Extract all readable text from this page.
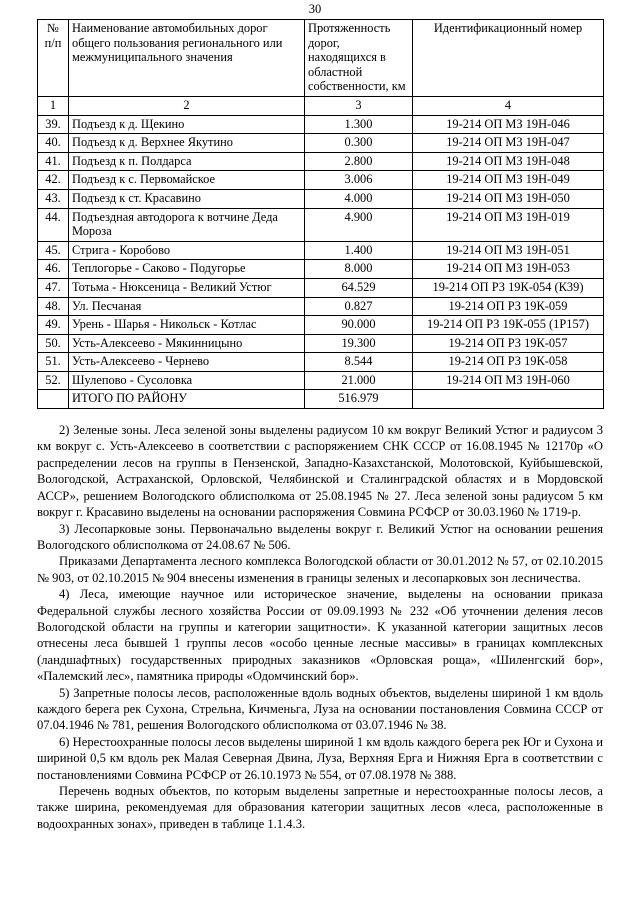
30
№
п/п	Наименование автомобильных дорог общего пользования регионального или межмуниципального значения	Протяженность дорог, находящихся в областной собственности, км	Идентификационный номер
1	2	3	4
39.	Подъезд к д. Щекино	1.300	19-214 ОП МЗ 19Н-046
40.	Подъезд к д. Верхнее Якутино	0.300	19-214 ОП МЗ 19Н-047
41.	Подъезд к п. Полдарса	2.800	19-214 ОП МЗ 19Н-048
42.	Подъезд к с. Первомайское	3.006	19-214 ОП МЗ 19Н-049
43.	Подъезд к ст. Красавино	4.000	19-214 ОП МЗ 19Н-050
44.	Подъездная автодорога к вотчине Деда Мороза	4.900	19-214 ОП МЗ 19Н-019
45.	Стрига - Коробово	1.400	19-214 ОП МЗ 19Н-051
46.	Теплогорье - Саково - Подугорье	8.000	19-214 ОП МЗ 19Н-053
47.	Тотьма - Нюксеница - Великий Устюг	64.529	19-214 ОП РЗ 19К-054 (К39)
48.	Ул. Песчаная	0.827	19-214 ОП РЗ 19К-059
49.	Урень - Шарья - Никольск - Котлас	90.000	19-214 ОП РЗ 19К-055 (1Р157)
50.	Усть-Алексеево - Мякинницыно	19.300	19-214 ОП РЗ 19К-057
51.	Усть-Алексеево - Чернево	8.544	19-214 ОП РЗ 19К-058
52.	Шулепово - Сусоловка	21.000	19-214 ОП МЗ 19Н-060
	ИТОГО ПО РАЙОНУ	516.979	

2) Зеленые зоны. Леса зеленой зоны выделены радиусом 10 км вокруг Великий Устюг и радиусом 3 км вокруг с. Усть-Алексеево в соответствии с распоряжением СНК СССР от 16.08.1945 № 12170р «О распределении лесов на группы в Пензенской, Западно-Казахстанской, Молотовской, Куйбышевской, Вологодской, Астраханской, Орловской, Челябинской и Сталинградской областях и в Мордовской АССР», решением Вологодского облисполкома от 25.08.1945 № 27. Леса зеленой зоны радиусом 5 км вокруг г. Красавино выделены на основании распоряжения Совмина РСФСР от 30.03.1960 № 1719-р.

3) Лесопарковые зоны. Первоначально выделены вокруг г. Великий Устюг на основании решения Вологодского облисполкома от 24.08.67 № 506.

Приказами Департамента лесного комплекса Вологодской области от 30.01.2012 № 57, от 02.10.2015 № 903, от 02.10.2015 № 904 внесены изменения в границы зеленых и лесопарковых зон лесничества.

4) Леса, имеющие научное или историческое значение, выделены на основании приказа Федеральной службы лесного хозяйства России от 09.09.1993 № 232 «Об уточнении деления лесов Вологодской области на группы и категории защитности». К указанной категории защитных лесов отнесены леса бывшей 1 группы лесов «особо ценные лесные массивы» в границах комплексных (ландшафтных) государственных природных заказников «Орловская роща», «Шиленгский бор», «Палемский лес», памятника природы «Одомчинский бор».

5) Запретные полосы лесов, расположенные вдоль водных объектов, выделены шириной 1 км вдоль каждого берега рек Сухона, Стрельна, Кичменьга, Луза на основании постановления Совмина СССР от 07.04.1946 № 781, решения Вологодского облисполкома от 03.07.1946 № 38.

6) Нерестоохранные полосы лесов выделены шириной 1 км вдоль каждого берега рек Юг и Сухона и шириной 0,5 км вдоль рек Малая Северная Двина, Луза, Верхняя Ерга и Нижняя Ерга в соответствии с постановлениями Совмина РСФСР от 26.10.1973 № 554, от 07.08.1978 № 388.

Перечень водных объектов, по которым выделены запретные и нерестоохранные полосы лесов, а также ширина, рекомендуемая для образования категории защитных лесов «леса, расположенные в водоохранных зонах», приведен в таблице 1.1.4.3.
